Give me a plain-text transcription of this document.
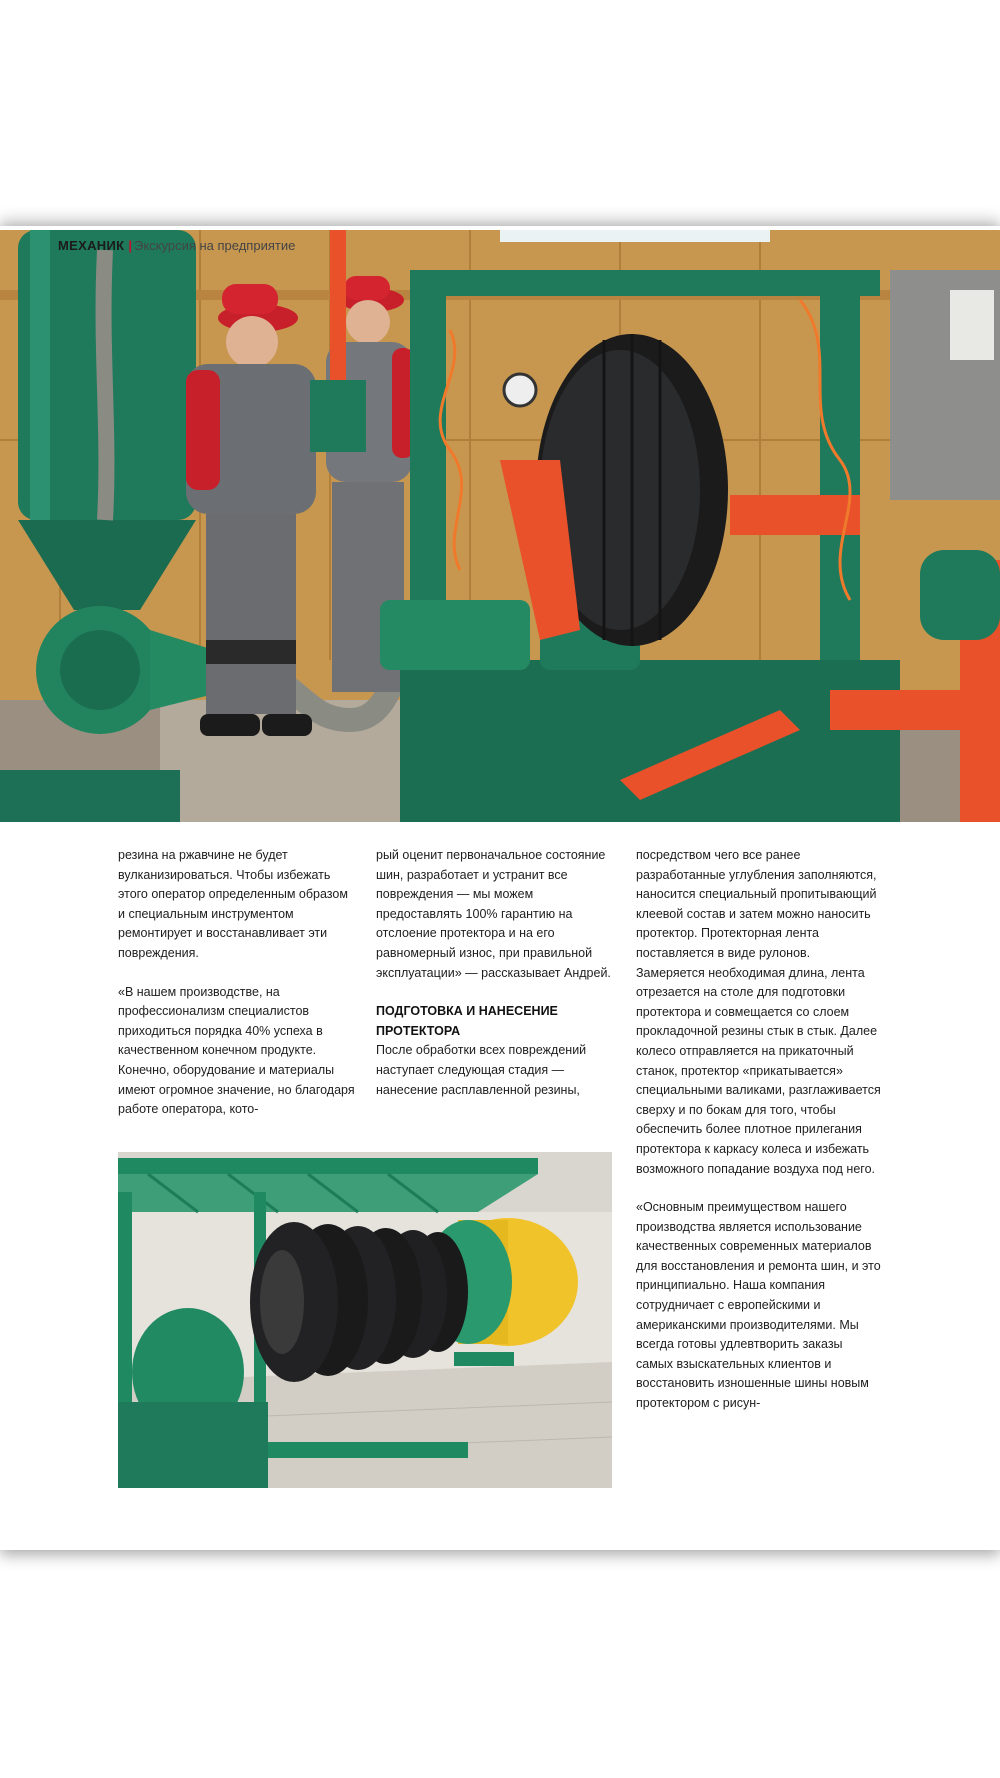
МЕХАНИК | Экскурсия на предприятие

резина на ржавчине не будет вулканизироваться. Чтобы избежать этого оператор определенным образом и специальным инструментом ремонтирует и восстанавливает эти повреждения.

«В нашем производстве, на профессионализм специалистов приходиться порядка 40% успеха в качественном конечном продукте. Конечно, оборудование и материалы имеют огромное значение, но благодаря работе оператора, кото-

рый оценит первоначальное состояние шин, разработает и устранит все повреждения — мы можем предоставлять 100% гарантию на отслоение протектора и на его равномерный износ, при правильной эксплуатации» — рассказывает Андрей.

ПОДГОТОВКА И НАНЕСЕНИЕ ПРОТЕКТОРА

После обработки всех повреждений наступает следующая стадия — нанесение расплавленной резины,

посредством чего все ранее разработанные углубления заполняются, наносится специальный пропитывающий клеевой состав и затем можно наносить протектор. Протекторная лента поставляется в виде рулонов. Замеряется необходимая длина, лента отрезается на столе для подготовки протектора и совмещается со слоем прокладочной резины стык в стык. Далее колесо отправляется на прикаточный станок, протектор «прикатывается» специальными валиками, разглаживается сверху и по бокам для того, чтобы обеспечить более плотное прилегания протектора к каркасу колеса и избежать возможного попадание воздуха под него.

«Основным преимуществом нашего производства является использование качественных современных материалов для восстановления и ремонта шин, и это принципиально. Наша компания сотрудничает с европейскими и американскими производителями. Мы всегда готовы удлевтворить заказы самых взыскательных клиентов и восстановить изношенные шины новым протектором с рисун-
